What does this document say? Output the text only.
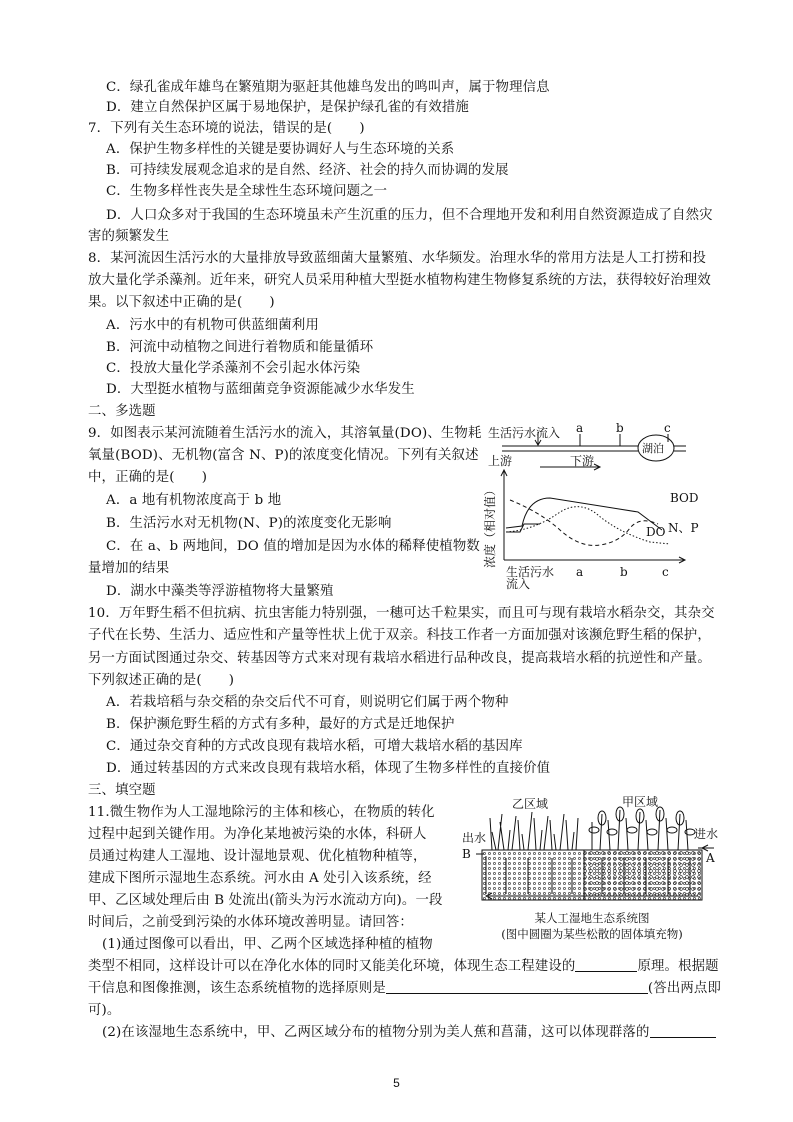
C．绿孔雀成年雄鸟在繁殖期为驱赶其他雄鸟发出的鸣叫声，属于物理信息
D．建立自然保护区属于易地保护，是保护绿孔雀的有效措施
7．下列有关生态环境的说法，错误的是(　　)
A．保护生物多样性的关键是要协调好人与生态环境的关系
B．可持续发展观念追求的是自然、经济、社会的持久而协调的发展
C．生物多样性丧失是全球性生态环境问题之一
D．人口众多对于我国的生态环境虽未产生沉重的压力，但不合理地开发和利用自然资源造成了自然灾
害的频繁发生
8．某河流因生活污水的大量排放导致蓝细菌大量繁殖、水华频发。治理水华的常用方法是人工打捞和投
放大量化学杀藻剂。近年来，研究人员采用种植大型挺水植物构建生物修复系统的方法，获得较好治理效
果。以下叙述中正确的是(　　)
A．污水中的有机物可供蓝细菌利用
B．河流中动植物之间进行着物质和能量循环
C．投放大量化学杀藻剂不会引起水体污染
D．大型挺水植物与蓝细菌竞争资源能减少水华发生
二、多选题
9．如图表示某河流随着生活污水的流入，其溶氧量(DO)、生物耗
氧量(BOD)、无机物(富含 N、P)的浓度变化情况。下列有关叙述
中，正确的是(　　)
A．a 地有机物浓度高于 b 地
B．生活污水对无机物(N、P)的浓度变化无影响
C．在 a、b 两地间，DO 值的增加是因为水体的稀释使植物数
量增加的结果
D．湖水中藻类等浮游植物将大量繁殖
生活污水流入 a	b	c
湖泊
上游	下游
BOD
DO N、P
生活污水
流入
a	b	c
浓度（相对值）
10．万年野生稻不但抗病、抗虫害能力特别强，一穗可达千粒果实，而且可与现有栽培水稻杂交，其杂交
子代在长势、生活力、适应性和产量等性状上优于双亲。科技工作者一方面加强对该濒危野生稻的保护，
另一方面试图通过杂交、转基因等方式来对现有栽培水稻进行品种改良，提高栽培水稻的抗逆性和产量。
下列叙述正确的是(　　)
A．若栽培稻与杂交稻的杂交后代不可育，则说明它们属于两个物种
B．保护濒危野生稻的方式有多种，最好的方式是迁地保护
C．通过杂交育种的方式改良现有栽培水稻，可增大栽培水稻的基因库
D．通过转基因的方式来改良现有栽培水稻，体现了生物多样性的直接价值
三、填空题
11.微生物作为人工湿地除污的主体和核心，在物质的转化
过程中起到关键作用。为净化某地被污染的水体，科研人
员通过构建人工湿地、设计湿地景观、优化植物种植等，
建成下图所示湿地生态系统。河水由 A 处引入该系统，经
甲、乙区域处理后由 B 处流出(箭头为污水流动方向)。一段
时间后，之前受到污染的水体环境改善明显。请回答：
(1)通过图像可以看出，甲、乙两个区域选择种植的植物
类型不相同，这样设计可以在净化水体的同时又能美化环境，体现生态工程建设的	原理。根据题
干信息和图像推测，该生态系统植物的选择原则是	(答出两点即
可)。
(2)在该湿地生态系统中，甲、乙两区域分布的植物分别为美人蕉和菖蒲，这可以体现群落的
乙区域	甲区域
出水	进水
B	A
某人工湿地生态系统图
(图中圆圈为某些松散的固体填充物)
5
